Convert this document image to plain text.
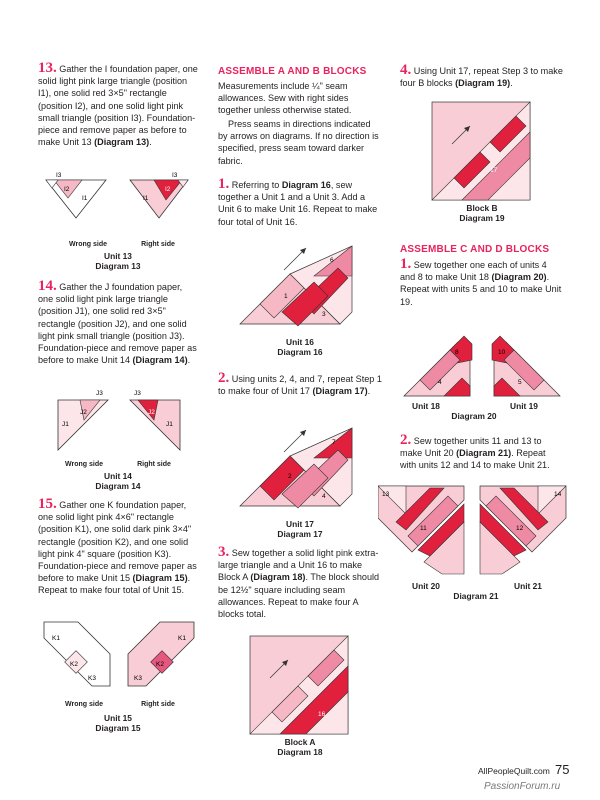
13. Gather the I foundation paper, one solid light pink large triangle (position I1), one solid red 3×5" rectangle (position I2), and one solid light pink small triangle (position I3). Foundation-piece and remove paper as before to make Unit 13 (Diagram 13).

I2
I1
I3
I2
I1
I3
Wrong side	Right side
Unit 13
Diagram 13

14. Gather the J foundation paper, one solid light pink large triangle (position J1), one solid red 3×5" rectangle (position J2), and one solid light pink small triangle (position J3). Foundation-piece and remove paper as before to make Unit 14 (Diagram 14).

J2
J1
J3
J2
J1
J3
Wrong side	Right side
Unit 14
Diagram 14

15. Gather one K foundation paper, one solid light pink 4×6" rectangle (position K1), one solid dark pink 3×4" rectangle (position K2), and one solid light pink 4" square (position K3). Foundation-piece and remove paper as before to make Unit 15 (Diagram 15). Repeat to make four total of Unit 15.

K1
K2
K3
K1
K2
K3
Wrong side	Right side
Unit 15
Diagram 15
ASSEMBLE A AND B BLOCKS

Measurements include ¼" seam allowances. Sew with right sides together unless otherwise stated.

Press seams in directions indicated by arrows on diagrams. If no direction is specified, press seam toward darker fabric.

1. Referring to Diagram 16, sew together a Unit 1 and a Unit 3. Add a Unit 6 to make Unit 16. Repeat to make four total of Unit 16.

6
1
3
Unit 16
Diagram 16

2. Using units 2, 4, and 7, repeat Step 1 to make four of Unit 17 (Diagram 17).

7
2
4
Unit 17
Diagram 17

3. Sew together a solid light pink extra-large triangle and a Unit 16 to make Block A (Diagram 18). The block should be 12½" square including seam allowances. Repeat to make four A blocks total.

16
Block A
Diagram 18

4. Using Unit 17, repeat Step 3 to make four B blocks (Diagram 19).

17
Block B
Diagram 19
ASSEMBLE C AND D BLOCKS

1. Sew together one each of units 4 and 8 to make Unit 18 (Diagram 20). Repeat with units 5 and 10 to make Unit 19.

8
4
10
5
Unit 18	Unit 19
Diagram 20

2. Sew together units 11 and 13 to make Unit 20 (Diagram 21). Repeat with units 12 and 14 to make Unit 21.

13
11
14
12
Unit 20	Unit 21
Diagram 21
AllPeopleQuilt.com 75
PassionForum.ru
